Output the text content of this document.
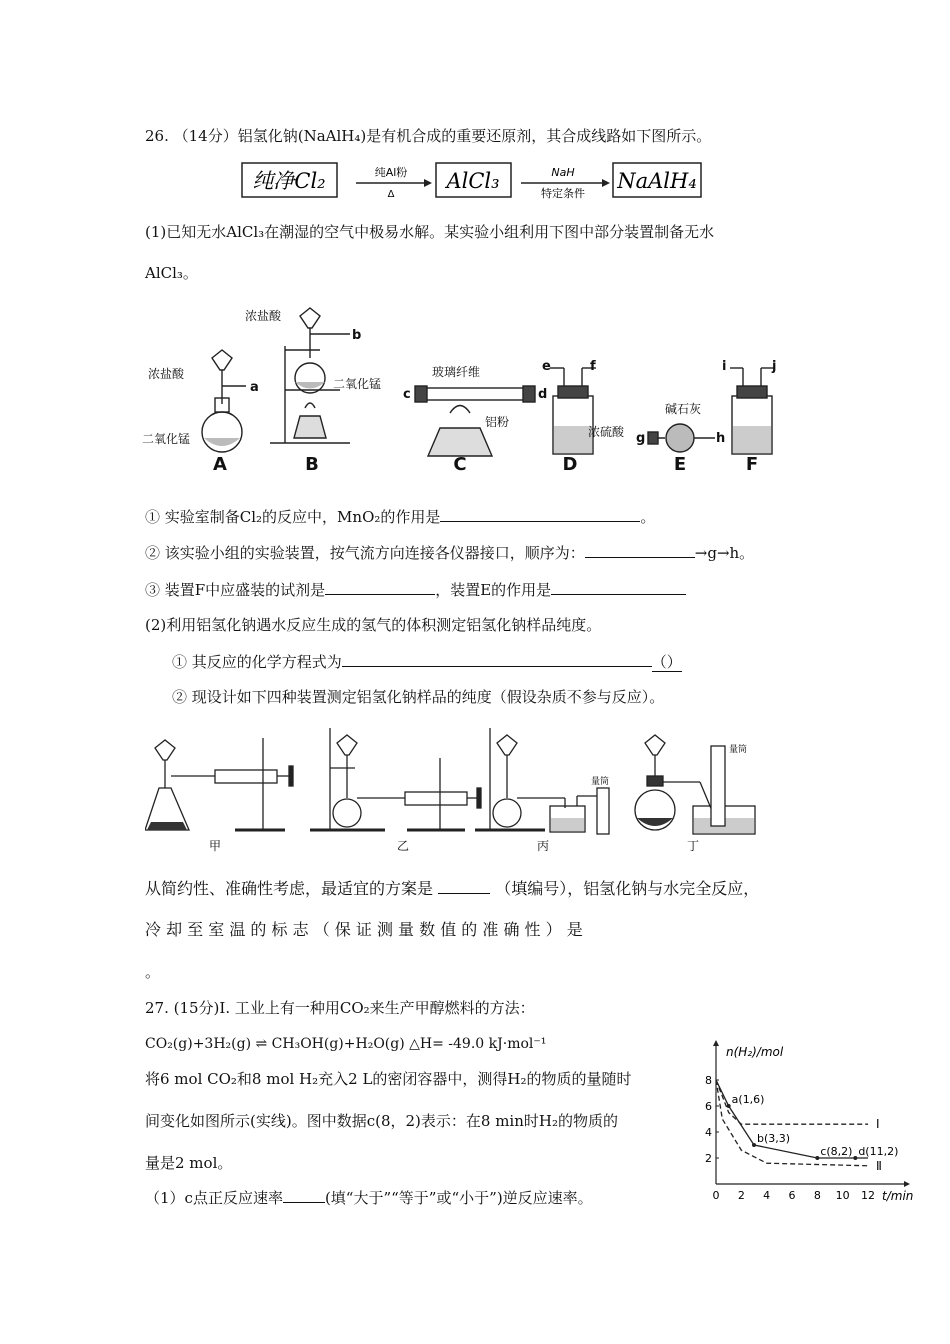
26. （14分）铝氢化钠(NaAlH₄)是有机合成的重要还原剂，其合成线路如下图所示。
纯净Cl₂	纯Al粉
Δ
AlCl₃	NaH
特定条件
NaAlH₄
(1)已知无水AlCl₃在潮湿的空气中极易水解。某实验小组利用下图中部分装置制备无水
AlCl₃。
浓盐酸
二氧化锰
浓盐酸
二氧化锰
玻璃纤维
铝粉
浓硫酸
碱石灰
a
b
c	d
e	f
g	h
i	j
A	B	C	D	E	F
① 实验室制备Cl₂的反应中，MnO₂的作用是	。
② 该实验小组的实验装置，按气流方向连接各仪器接口，顺序为：	→g→h。
③ 装置F中应盛装的试剂是	，装置E的作用是
(2)利用铝氢化钠遇水反应生成的氢气的体积测定铝氢化钠样品纯度。
① 其反应的化学方程式为	（）
② 现设计如下四种装置测定铝氢化钠样品的纯度（假设杂质不参与反应）。
量筒
量筒
甲	乙	丙	丁
从简约性、准确性考虑，最适宜的方案是	（填编号），铝氢化钠与水完全反应，
冷 却 至 室 温 的 标 志 （ 保 证 测 量 数 值 的 准 确 性 ） 是
。
27. (15分)Ⅰ. 工业上有一种用CO₂来生产甲醇燃料的方法：
CO₂(g)+3H₂(g) ⇌ CH₃OH(g)+H₂O(g) △H= -49.0 kJ·mol⁻¹
将6 mol CO₂和8 mol H₂充入2 L的密闭容器中，测得H₂的物质的量随时
间变化如图所示(实线)。图中数据c(8，2)表示：在8 min时H₂的物质的
量是2 mol。
（1）c点正反应速率	(填“大于”“等于”或“小于”)逆反应速率。
n(H₂)/mol
t/min
0 2 4 6 8 10 12
2
4
6
8
Ⅰ
Ⅱ
a(1,6)
b(3,3)
c(8,2) d(11,2)
